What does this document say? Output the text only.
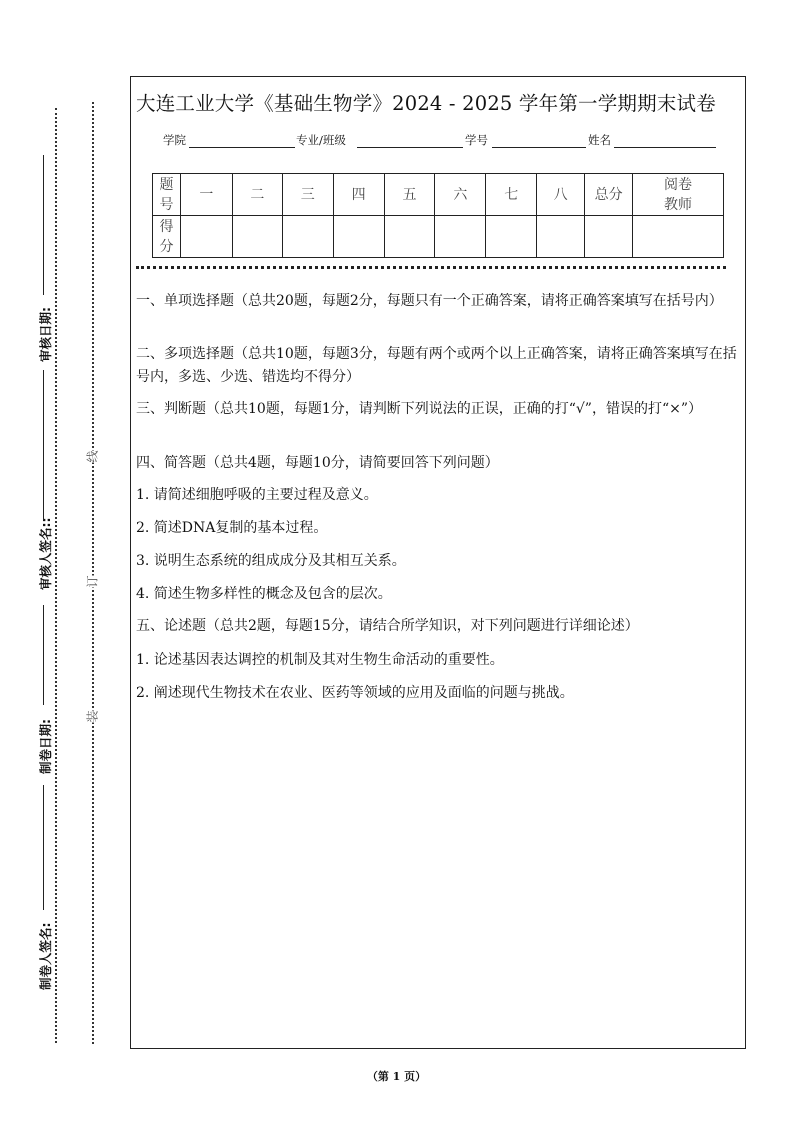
审核日期:
审核人签名::
制卷日期:
制卷人签名:
线
订
装
大连工业大学《基础生物学》2024 - 2025 学年第一学期期末试卷
学院	专业/班级	学号	姓名
题号	一	二	三	四	五	六	七	八	总分	阅卷教师
得分										
一、单项选择题（总共20题，每题2分，每题只有一个正确答案，请将正确答案填写在括号内）
二、多项选择题（总共10题，每题3分，每题有两个或两个以上正确答案，请将正确答案填写在括号内，多选、少选、错选均不得分）
三、判断题（总共10题，每题1分，请判断下列说法的正误，正确的打“√”，错误的打“×”）
四、简答题（总共4题，每题10分，请简要回答下列问题）
1. 请简述细胞呼吸的主要过程及意义。
2. 简述DNA复制的基本过程。
3. 说明生态系统的组成成分及其相互关系。
4. 简述生物多样性的概念及包含的层次。
五、论述题（总共2题，每题15分，请结合所学知识，对下列问题进行详细论述）
1. 论述基因表达调控的机制及其对生物生命活动的重要性。
2. 阐述现代生物技术在农业、医药等领域的应用及面临的问题与挑战。
（第 1 页）
